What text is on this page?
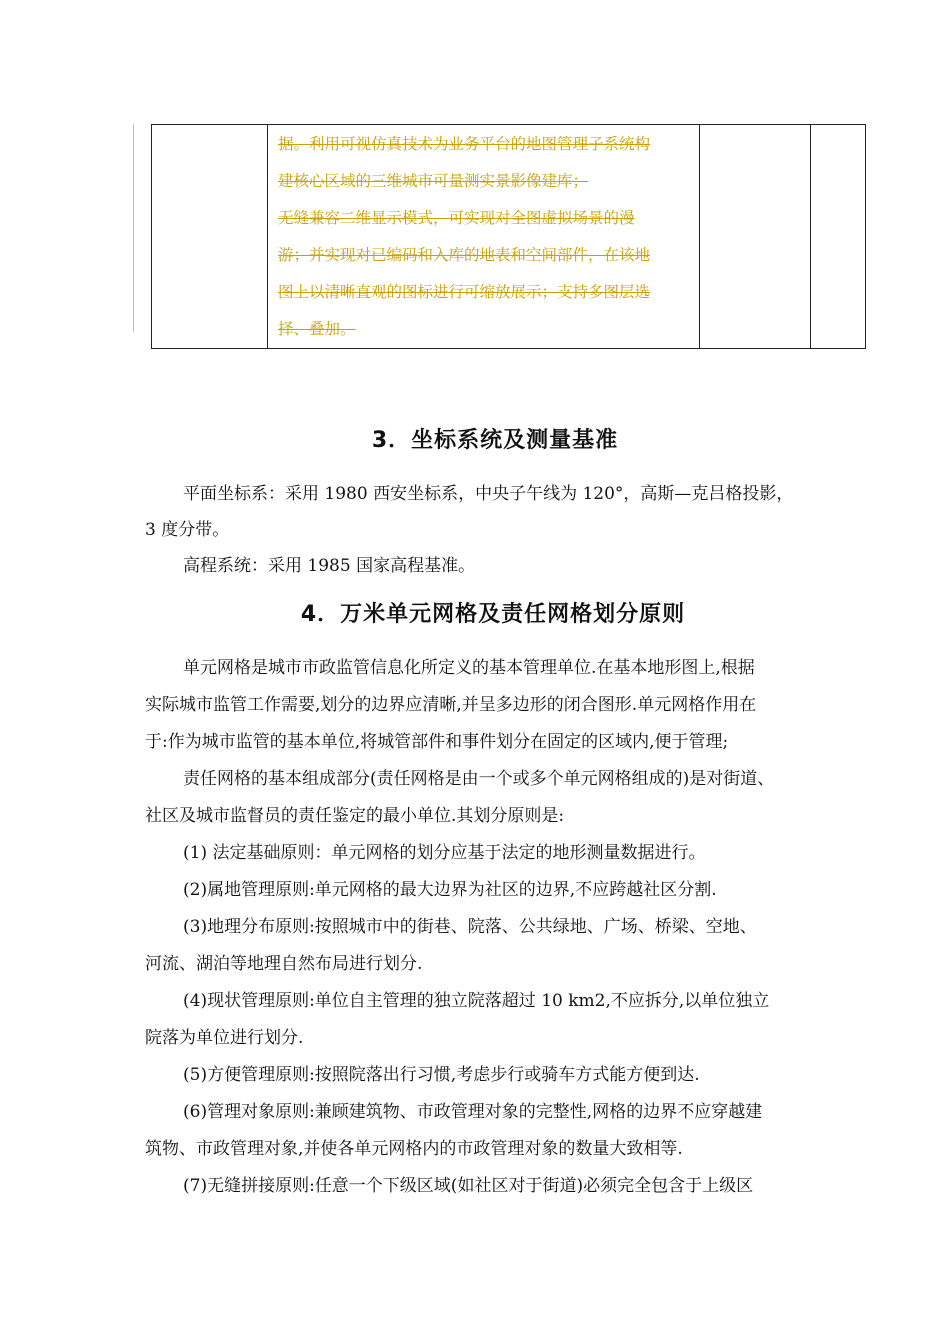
据。利用可视仿真技术为业务平台的地图管理子系统构

建核心区域的三维城市可量测实景影像建库；

无缝兼容二维显示模式，可实现对全图虚拟场景的漫

游；并实现对已编码和入库的地表和空间部件，在该地

图上以清晰直观的图标进行可缩放展示；支持多图层选

择、叠加。

3．坐标系统及测量基准

平面坐标系：采用 1980 西安坐标系，中央子午线为 120°，高斯—克吕格投影，

3 度分带。

高程系统：采用 1985 国家高程基准。

4．万米单元网格及责任网格划分原则

单元网格是城市市政监管信息化所定义的基本管理单位.在基本地形图上,根据

实际城市监管工作需要,划分的边界应清晰,并呈多边形的闭合图形.单元网格作用在

于:作为城市监管的基本单位,将城管部件和事件划分在固定的区域内,便于管理;

责任网格的基本组成部分(责任网格是由一个或多个单元网格组成的)是对街道、

社区及城市监督员的责任鉴定的最小单位.其划分原则是:

(1) 法定基础原则：单元网格的划分应基于法定的地形测量数据进行。

(2)属地管理原则:单元网格的最大边界为社区的边界,不应跨越社区分割.

(3)地理分布原则:按照城市中的街巷、院落、公共绿地、广场、桥梁、空地、

河流、湖泊等地理自然布局进行划分.

(4)现状管理原则:单位自主管理的独立院落超过 10 km2,不应拆分,以单位独立

院落为单位进行划分.

(5)方便管理原则:按照院落出行习惯,考虑步行或骑车方式能方便到达.

(6)管理对象原则:兼顾建筑物、市政管理对象的完整性,网格的边界不应穿越建

筑物、市政管理对象,并使各单元网格内的市政管理对象的数量大致相等.

(7)无缝拼接原则:任意一个下级区域(如社区对于街道)必须完全包含于上级区
